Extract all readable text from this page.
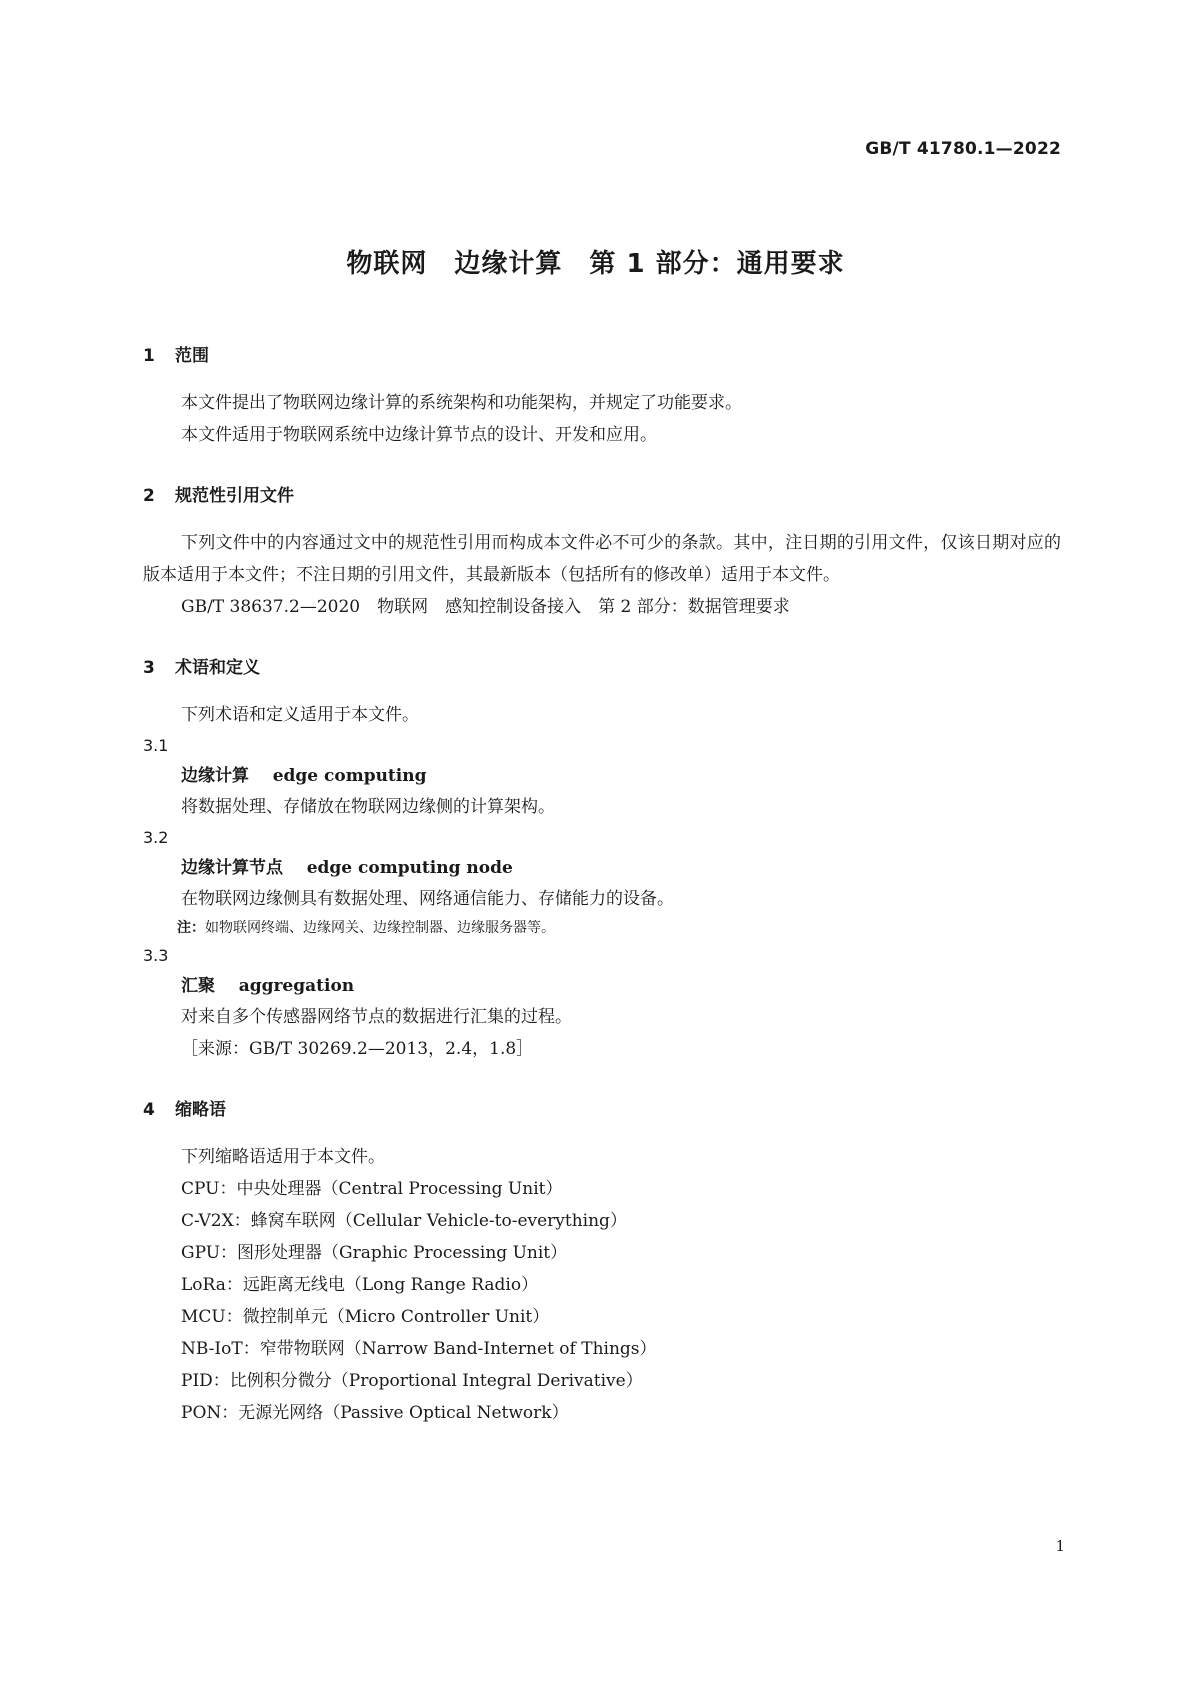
GB/T 41780.1—2022
物联网　边缘计算　第 1 部分：通用要求
1	范围

本文件提出了物联网边缘计算的系统架构和功能架构，并规定了功能要求。

本文件适用于物联网系统中边缘计算节点的设计、开发和应用。

2	规范性引用文件

下列文件中的内容通过文中的规范性引用而构成本文件必不可少的条款。其中，注日期的引用文件，仅该日期对应的版本适用于本文件；不注日期的引用文件，其最新版本（包括所有的修改单）适用于本文件。

GB/T 38637.2—2020　物联网　感知控制设备接入　第 2 部分：数据管理要求
3	术语和定义
下列术语和定义适用于本文件。
3.1
边缘计算 edge computing
将数据处理、存储放在物联网边缘侧的计算架构。
3.2
边缘计算节点 edge computing node
在物联网边缘侧具有数据处理、网络通信能力、存储能力的设备。
注：如物联网终端、边缘网关、边缘控制器、边缘服务器等。
3.3
汇聚 aggregation
对来自多个传感器网络节点的数据进行汇集的过程。
［来源：GB/T 30269.2—2013，2.4，1.8］
4	缩略语
下列缩略语适用于本文件。
CPU：中央处理器（Central Processing Unit）
C-V2X：蜂窝车联网（Cellular Vehicle-to-everything）
GPU：图形处理器（Graphic Processing Unit）
LoRa：远距离无线电（Long Range Radio）
MCU：微控制单元（Micro Controller Unit）
NB-IoT：窄带物联网（Narrow Band-Internet of Things）
PID：比例积分微分（Proportional Integral Derivative）
PON：无源光网络（Passive Optical Network）
1
